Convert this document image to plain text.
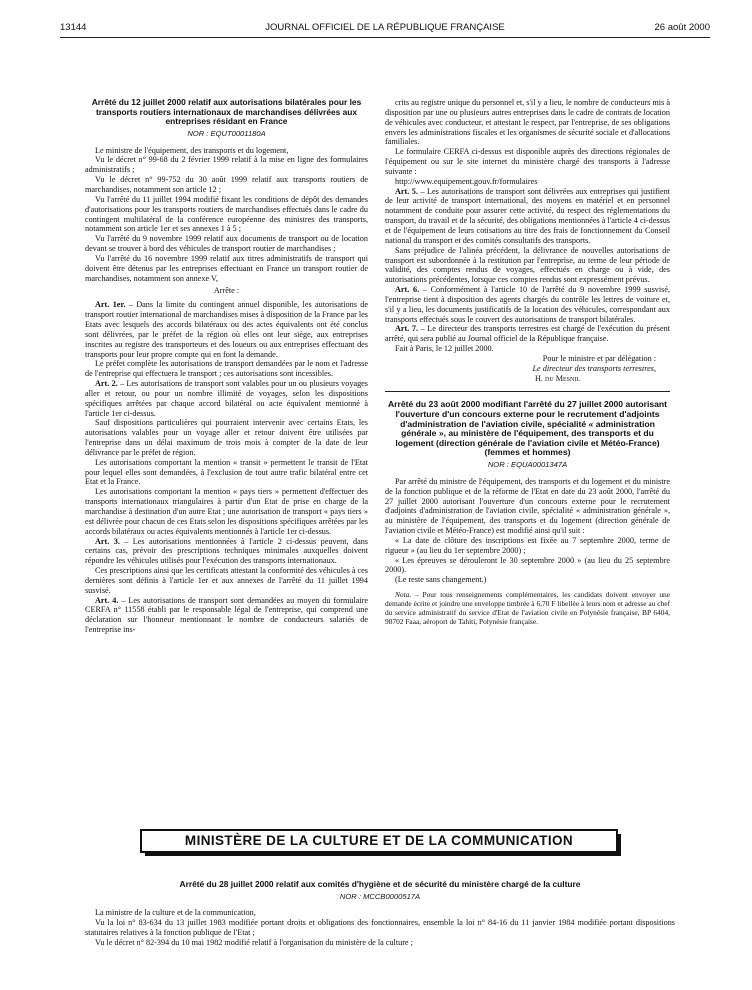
13144	JOURNAL OFFICIEL DE LA RÉPUBLIQUE FRANÇAISE	26 août 2000

Arrêté du 12 juillet 2000 relatif aux autorisations bilatérales pour les transports routiers internationaux de marchandises délivrées aux entreprises résidant en France

NOR : EQUT0001180A

Le ministre de l'équipement, des transports et du logement,

Vu le décret n° 99-68 du 2 février 1999 relatif à la mise en ligne des formulaires administratifs ;

Vu le décret n° 99-752 du 30 août 1999 relatif aux transports routiers de marchandises, notamment son article 12 ;

Vu l'arrêté du 11 juillet 1994 modifié fixant les conditions de dépôt des demandes d'autorisations pour les transports routiers de marchandises effectués dans le cadre du contingent multilatéral de la conférence européenne des ministres des transports, notamment son article 1er et ses annexes 1 à 5 ;

Vu l'arrêté du 9 novembre 1999 relatif aux documents de transport ou de location devant se trouver à bord des véhicules de transport routier de marchandises ;

Vu l'arrêté du 16 novembre 1999 relatif aux titres administratifs de transport qui doivent être détenus par les entreprises effectuant en France un transport routier de marchandises, notamment son annexe V,

Arrête :

Art. 1er. – Dans la limite du contingent annuel disponible, les autorisations de transport routier international de marchandises mises à disposition de la France par les Etats avec lesquels des accords bilatéraux ou des actes équivalents ont été conclus sont délivrées, par le préfet de la région où elles ont leur siège, aux entreprises inscrites au registre des transporteurs et des loueurs ou aux entreprises effectuant des transports pour leur propre compte qui en font la demande.

Le préfet complète les autorisations de transport demandées par le nom et l'adresse de l'entreprise qui effectuera le transport ; ces autorisations sont incessibles.

Art. 2. – Les autorisations de transport sont valables pour un ou plusieurs voyages aller et retour, ou pour un nombre illimité de voyages, selon les dispositions spécifiques arrêtées par chaque accord bilatéral ou acte équivalent mentionné à l'article 1er ci-dessus.

Sauf dispositions particulières qui pourraient intervenir avec certains Etats, les autorisations valables pour un voyage aller et retour doivent être utilisées par l'entreprise dans un délai maximum de trois mois à compter de la date de leur délivrance par le préfet de région.

Les autorisations comportant la mention « transit » permettent le transit de l'Etat pour lequel elles sont demandées, à l'exclusion de tout autre trafic bilatéral entre cet Etat et la France.

Les autorisations comportant la mention « pays tiers » permettent d'effectuer des transports internationaux triangulaires à partir d'un Etat de prise en charge de la marchandise à destination d'un autre Etat ; une autorisation de transport « pays tiers » est délivrée pour chacun de ces Etats selon les dispositions spécifiques arrêtées par les accords bilatéraux ou actes équivalents mentionnés à l'article 1er ci-dessus.

Art. 3. – Les autorisations mentionnées à l'article 2 ci-dessus peuvent, dans certains cas, prévoir des prescriptions techniques minimales auxquelles doivent répondre les véhicules utilisés pour l'exécution des transports internationaux.

Ces prescriptions ainsi que les certificats attestant la conformité des véhicules à ces dernières sont définis à l'article 1er et aux annexes de l'arrêté du 11 juillet 1994 susvisé.

Art. 4. – Les autorisations de transport sont demandées au moyen du formulaire CERFA n° 11558 établi par le responsable légal de l'entreprise, qui comprend une déclaration sur l'honneur mentionnant le nombre de conducteurs salariés de l'entreprise ins-

crits au registre unique du personnel et, s'il y a lieu, le nombre de conducteurs mis à disposition par une ou plusieurs autres entreprises dans le cadre de contrats de location de véhicules avec conducteur, et attestant le respect, par l'entreprise, de ses obligations envers les administrations fiscales et les organismes de sécurité sociale et d'allocations familiales.

Le formulaire CERFA ci-dessus est disponible auprès des directions régionales de l'équipement ou sur le site internet du ministère chargé des transports à l'adresse suivante :

http://www.equipement.gouv.fr/formulaires

Art. 5. – Les autorisations de transport sont délivrées aux entreprises qui justifient de leur activité de transport international, des moyens en matériel et en personnel notamment de conduite pour assurer cette activité, du respect des réglementations du transport, du travail et de la sécurité, des obligations mentionnées à l'article 4 ci-dessus et de l'équipement de leurs cotisations au titre des frais de fonctionnement du Conseil national du transport et des comités consultatifs des transports.

Sans préjudice de l'alinéa précédent, la délivrance de nouvelles autorisations de transport est subordonnée à la restitution par l'entreprise, au terme de leur période de validité, des comptes rendus de voyages, effectués en charge ou à vide, des autorisations précédentes, lorsque ces comptes rendus sont expressément prévus.

Art. 6. – Conformément à l'article 10 de l'arrêté du 9 novembre 1999 susvisé, l'entreprise tient à disposition des agents chargés du contrôle les lettres de voiture et, s'il y a lieu, les documents justificatifs de la location des véhicules, correspondant aux transports effectués sous le couvert des autorisations de transport bilatérales.

Art. 7. – Le directeur des transports terrestres est chargé de l'exécution du présent arrêté, qui sera publié au Journal officiel de la République française.

Fait à Paris, le 12 juillet 2000.

Pour le ministre et par délégation :

Le directeur des transports terrestres,

H. du Mesnil

Arrêté du 23 août 2000 modifiant l'arrêté du 27 juillet 2000 autorisant l'ouverture d'un concours externe pour le recrutement d'adjoints d'administration de l'aviation civile, spécialité « administration générale », au ministère de l'équipement, des transports et du logement (direction générale de l'aviation civile et Météo-France) (femmes et hommes)

NOR : EQUA0001347A

Par arrêté du ministre de l'équipement, des transports et du logement et du ministre de la fonction publique et de la réforme de l'Etat en date du 23 août 2000, l'arrêté du 27 juillet 2000 autorisant l'ouverture d'un concours externe pour le recrutement d'adjoints d'administration de l'aviation civile, spécialité « administration générale », au ministère de l'équipement, des transports et du logement (direction générale de l'aviation civile et Météo-France) est modifié ainsi qu'il suit :

« La date de clôture des inscriptions est fixée au 7 septembre 2000, terme de rigueur » (au lieu du 1er septembre 2000) ;

« Les épreuves se dérouleront le 30 septembre 2000 » (au lieu du 25 septembre 2000).

(Le reste sans changement.)

Nota. – Pour tous renseignements complémentaires, les candidats doivent envoyer une demande écrite et joindre une enveloppe timbrée à 6,70 F libellée à leurs nom et adresse au chef du service administratif du service d'Etat de l'aviation civile en Polynésie française, BP 6404, 98702 Faaa, aéroport de Tahiti, Polynésie française.

MINISTÈRE DE LA CULTURE ET DE LA COMMUNICATION

Arrêté du 28 juillet 2000 relatif aux comités d'hygiène et de sécurité du ministère chargé de la culture

NOR : MCCB0000517A

La ministre de la culture et de la communication,

Vu la loi n° 83-634 du 13 juillet 1983 modifiée portant droits et obligations des fonctionnaires, ensemble la loi n° 84-16 du 11 janvier 1984 modifiée portant dispositions statutaires relatives à la fonction publique de l'Etat ;

Vu le décret n° 82-394 du 10 mai 1982 modifié relatif à l'organisation du ministère de la culture ;
